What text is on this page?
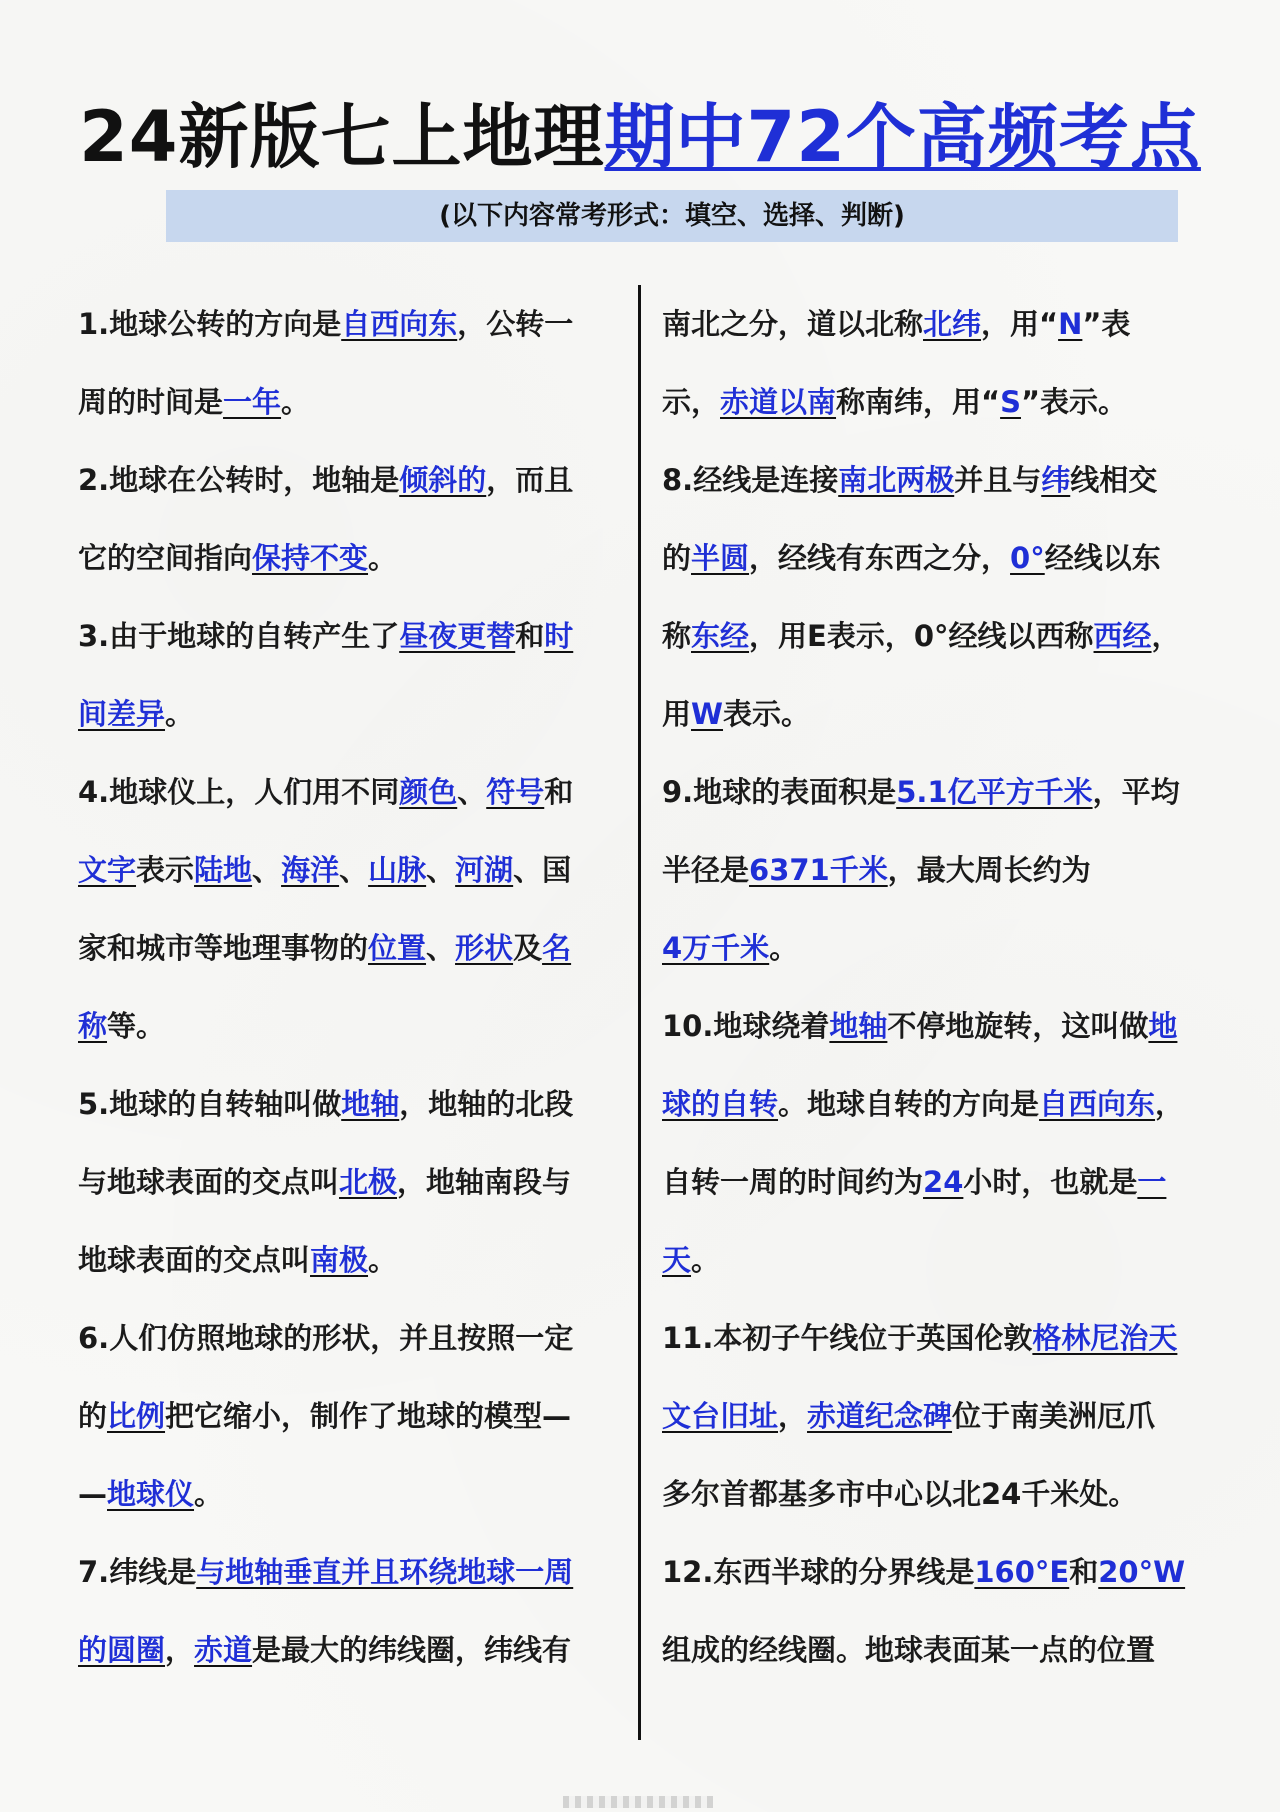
24新版七上地理期中72个高频考点
(以下内容常考形式：填空、选择、判断)

1.地球公转的方向是自西向东，公转一

周的时间是一年。

2.地球在公转时，地轴是倾斜的，而且

它的空间指向保持不变。

3.由于地球的自转产生了昼夜更替和时

间差异。

4.地球仪上，人们用不同颜色、符号和

文字表示陆地、海洋、山脉、河湖、国

家和城市等地理事物的位置、形状及名

称等。

5.地球的自转轴叫做地轴，地轴的北段

与地球表面的交点叫北极，地轴南段与

地球表面的交点叫南极。

6.人们仿照地球的形状，并且按照一定

的比例把它缩小，制作了地球的模型—

—地球仪。

7.纬线是与地轴垂直并且环绕地球一周

的圆圈，赤道是最大的纬线圈，纬线有

南北之分，道以北称北纬，用“N”表

示，赤道以南称南纬，用“S”表示。

8.经线是连接南北两极并且与纬线相交

的半圆，经线有东西之分，0°经线以东

称东经，用E表示，0°经线以西称西经，

用W表示。

9.地球的表面积是5.1亿平方千米，平均

半径是6371千米，最大周长约为

4万千米。

10.地球绕着地轴不停地旋转，这叫做地

球的自转。地球自转的方向是自西向东，

自转一周的时间约为24小时，也就是一

天。

11.本初子午线位于英国伦敦格林尼治天

文台旧址，赤道纪念碑位于南美洲厄爪

多尔首都基多市中心以北24千米处。

12.东西半球的分界线是160°E和20°W

组成的经线圈。地球表面某一点的位置
